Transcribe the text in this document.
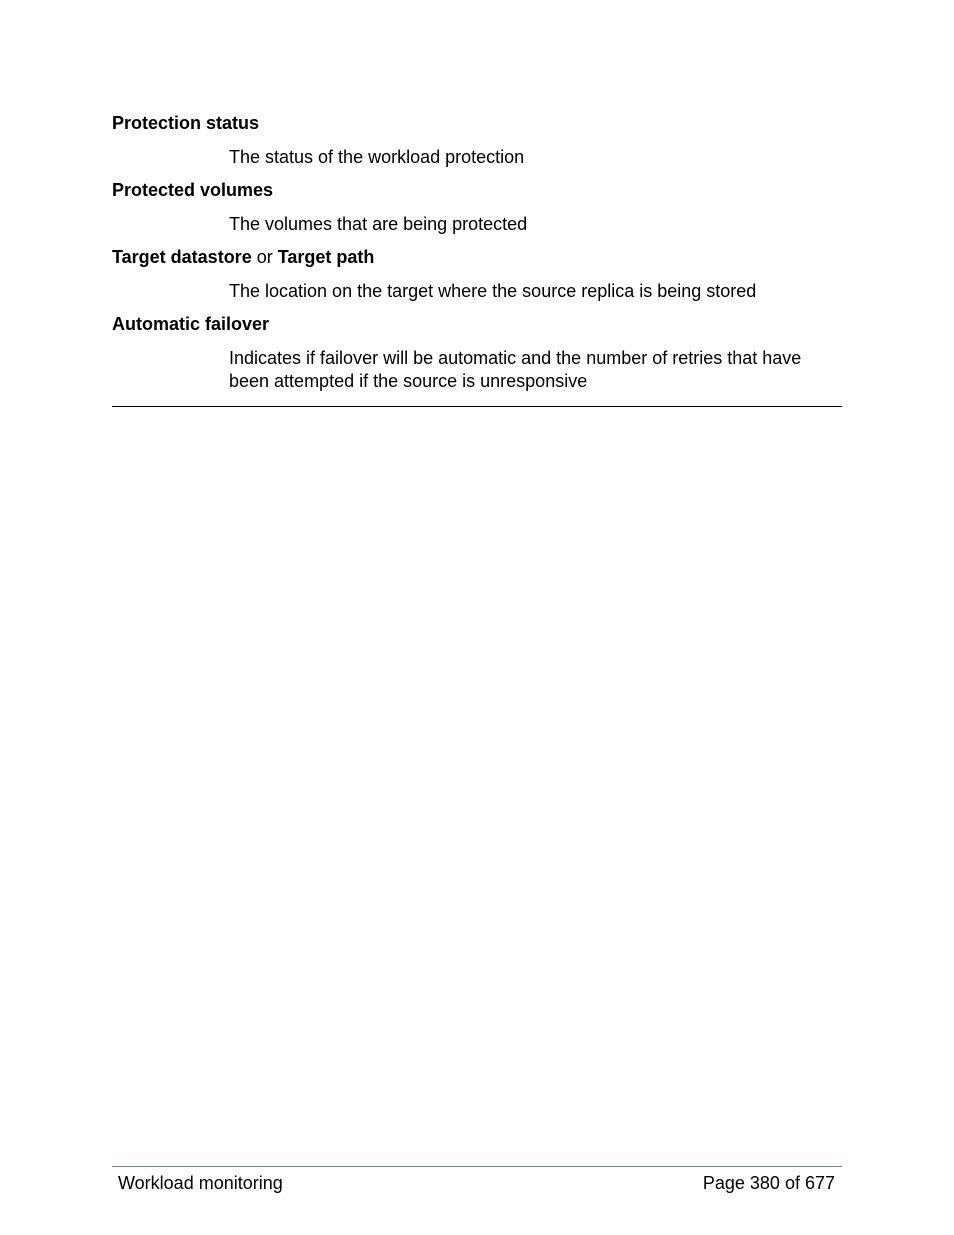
Protection status

The status of the workload protection

Protected volumes

The volumes that are being protected

Target datastore or Target path

The location on the target where the source replica is being stored

Automatic failover

Indicates if failover will be automatic and the number of retries that have been attempted if the source is unresponsive

Workload monitoring	Page 380 of 677
